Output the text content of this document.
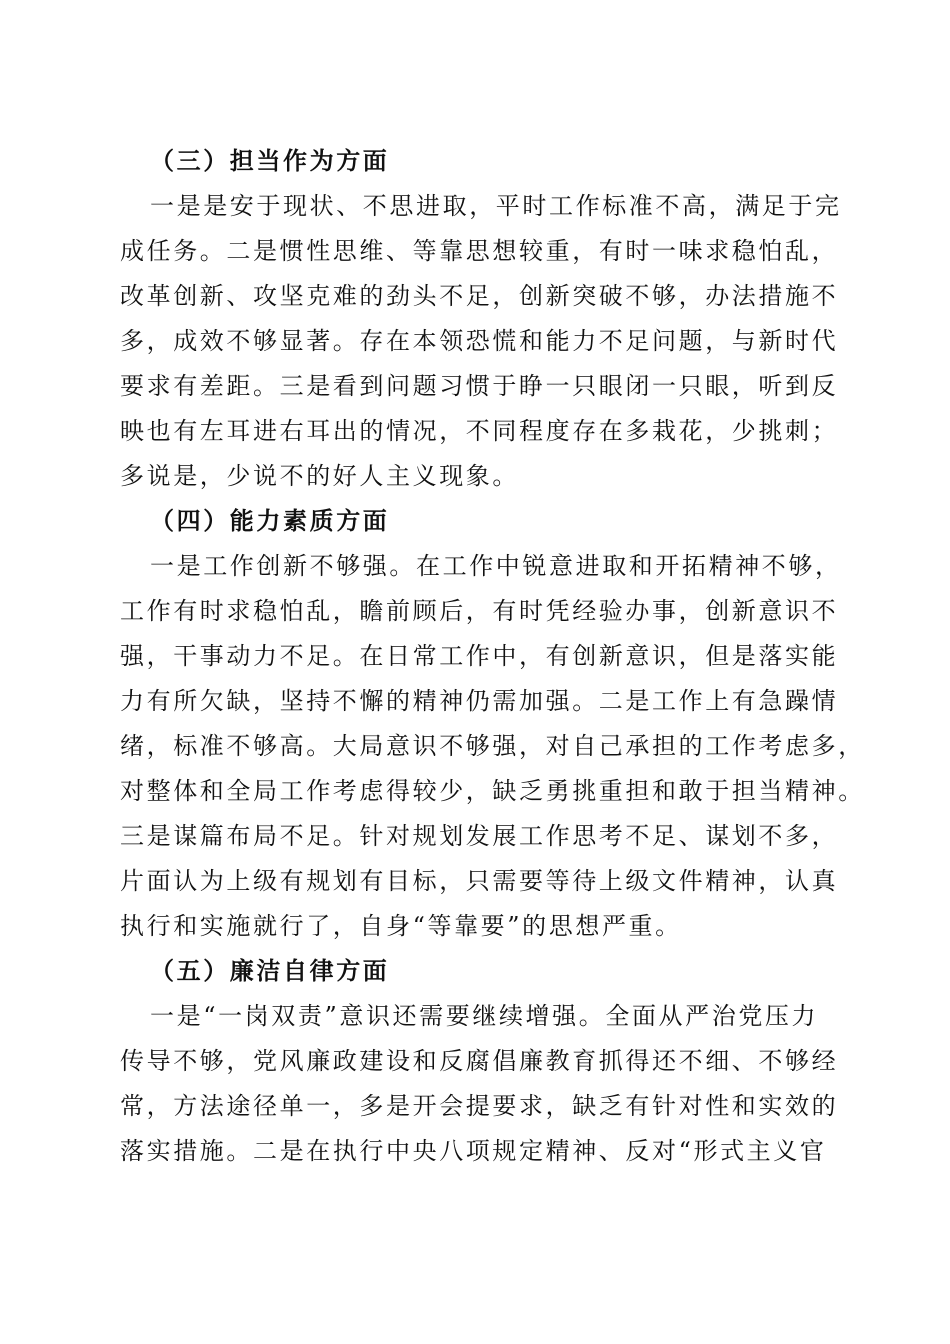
（三）担当作为方面
一是是安于现状、不思进取，平时工作标准不高，满足于完
成任务。二是惯性思维、等靠思想较重，有时一味求稳怕乱，
改革创新、攻坚克难的劲头不足，创新突破不够，办法措施不
多，成效不够显著。存在本领恐慌和能力不足问题，与新时代
要求有差距。三是看到问题习惯于睁一只眼闭一只眼，听到反
映也有左耳进右耳出的情况，不同程度存在多栽花，少挑刺；
多说是，少说不的好人主义现象。
（四）能力素质方面
一是工作创新不够强。在工作中锐意进取和开拓精神不够，
工作有时求稳怕乱，瞻前顾后，有时凭经验办事，创新意识不
强，干事动力不足。在日常工作中，有创新意识，但是落实能
力有所欠缺，坚持不懈的精神仍需加强。二是工作上有急躁情
绪，标准不够高。大局意识不够强，对自己承担的工作考虑多，
对整体和全局工作考虑得较少，缺乏勇挑重担和敢于担当精神。
三是谋篇布局不足。针对规划发展工作思考不足、谋划不多，
片面认为上级有规划有目标，只需要等待上级文件精神，认真
执行和实施就行了，自身“等靠要”的思想严重。
（五）廉洁自律方面
一是“一岗双责”意识还需要继续增强。全面从严治党压力
传导不够，党风廉政建设和反腐倡廉教育抓得还不细、不够经
常，方法途径单一，多是开会提要求，缺乏有针对性和实效的
落实措施。二是在执行中央八项规定精神、反对“形式主义官
